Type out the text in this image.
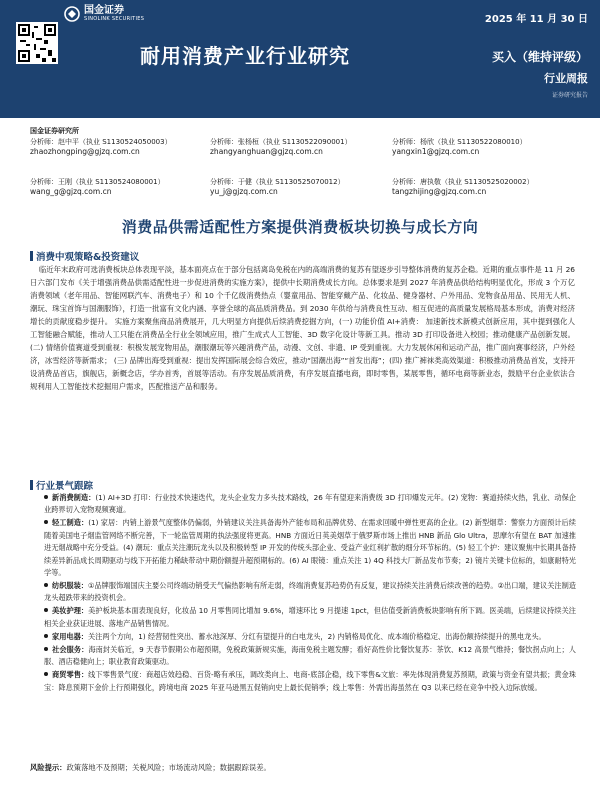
国金证券
SINOLINK SECURITIES	2025 年 11 月 30 日
耐用消费产业行业研究	买入（维持评级）
行业周报
证券研究报告
国金证券研究所
分析师：赵中平（执业 S1130524050003）
zhaozhongping@gjzq.com.cn
分析师：张杨桓（执业 S1130522090001）
zhangyanghuan@gjzq.com.cn
分析师：杨欣（执业 S1130522080010）
yangxin1@gjzq.com.cn
分析师：王刚（执业 S1130524080001）
wang_g@gjzq.com.cn
分析师：于健（执业 S1130525070012）
yu_j@gjzq.com.cn
分析师：唐执敬（执业 S1130525020002）
tangzhijing@gjzq.com.cn
消费品供需适配性方案提供消费板块切换与成长方向
消费中观策略&投资建议
临近年末政府可选消费板块总体表现平淡，基本面亮点在于部分包括离岛免税在内的高端消费的复苏有望逐步引导整体消费的复苏企稳。近期的重点事件是 11 月 26 日六部门发布《关于增强消费品供需适配性进一步促进消费的实施方案》，提供中长期消费成长方向。总体要求是到 2027 年消费品供给结构明显优化，形成 3 个万亿消费领域（老年用品、智能网联汽车、消费电子）和 10 个千亿级消费热点（婴童用品、智能穿戴产品、化妆品、健身器材、户外用品、宠物食品用品、民用无人机、潮玩、珠宝首饰与国潮服饰），打造一批富有文化内涵、享誉全球的高品质消费品。到 2030 年供给与消费良性互动、相互促进的高质量发展格局基本形成，消费对经济增长的贡献度稳步提升。 实施方案聚焦商品消费展开，几大明显方向提供后续消费挖掘方向，(一) 功能价值 AI+消费： 加速新技术新模式创新应用，其中提到强化人工智能融合赋能，推动人工只能在消费品全行业全领域应用，推广生成式人工智能、3D 数字化设计等新工具。推动 3D 打印设备进入校园；推动健康产品创新发展。(二) 情绪价值赛道受到重视：积极发展宠物用品，潮服潮玩等兴趣消费产品，动漫、文创、非遗、IP 受到重视。大力发展休闲和运动产品，推广面向赛事经济，户外经济，冰雪经济等新需求； (三) 品牌出海受到重视：提出发挥国际展会综合效应，推动“国潮出海”“首发出海”；(四) 推广裤袜类高效渠道：积极推动消费品首发，支持开设消费品首店，旗舰店，新概念店，学办首秀，首展等活动。有序发展品质消费，有序发展直播电商，即时零售，某展零售，循环电商等新业态，鼓励平台企业依法合规利用人工智能技术挖掘用户需求，匹配推送产品和服务。
行业景气跟踪

新消费制造：(1) AI+3D 打印：行业技术快速迭代，龙头企业发力多头技术路线，26 年有望迎来消费级 3D 打印爆发元年。(2) 宠物：赛道持续火热，乳业、动保企业跨界切入宠物观频赛道。

轻工制造：(1) 家居：内销上游景气度整体仍偏弱，外销建议关注具备海外产能布局和品牌优势、在需求回暖中弹性更高的企业。(2) 新型烟草：警察力方面预计后续随着美国电子烟监管网络不断完善，下一轮监管周期的执法强度将更高。HNB 方面近日英美烟草于俄罗斯市场上推出 HNB 新品 Glo Ultra，思摩尔有望在 BAT 加速推进无烟战略中充分受益。(4) 潮玩：重点关注潮玩龙头以及积极转型 IP 开发的传统头部企业、受益产业红利扩散的细分环节标的。(5) 轻工个护：建议聚焦中长期具备持续差异新品成长周期驱动与线下开拓能力稀缺带动中期份额提升超预期标的。(6) AI 眼镜：重点关注 1) 4Q 科技大厂新品发布节奏；2) 镜片关键卡位标的，如康耐特光学等。

纺织服装：①品牌服饰端国庆主要公司终端动销受天气偏热影响有所走弱，终端消费复苏趋势仍有反复，建议持续关注消费后续改善的趋势。②出口端，建议关注制造龙头超跌带来的投资机会。

美妆护理：美护板块基本面表现良好，化妆品 10 月零售同比增加 9.6%，增速环比 9 月提速 1pct，但估值受新消费板块影响有所下调。医美端，后续建议持续关注相关企业获证进展、落地产品销售情况。

家用电器：关注两个方向，1) 经营韧性突出、蓄水池深厚、分红有望提升的白电龙头，2) 内销格局优化、成本端价格稳定、出海份额持续提升的黑电龙头。

社会服务：海南封关临近，9 天春节假期公布超预期，免税政策新规实施，海南免税主题发酵；看好高性价比餐饮复苏：茶饮、K12 高景气维持；餐饮拐点向上；人服、酒店稳健向上；职业教育政策驱动。

商贸零售：线下零售景气度：商超店效趋稳、百货-略有承压，调改类向上、电商-底部企稳，线下零售&文旅：率先体现消费复苏预期，政策与资金有望共振；黄金珠宝：降息预期下金价上行预期强化，跨境电商 2025 年亚马逊黑五促销向史上最长促销季；线上零售：外需出海虽然在 Q3 以来已经在竞争中投入边际放缓。

风险提示：政策落地不及预期；关税风险；市场流动风险；数据跟踪误差。
